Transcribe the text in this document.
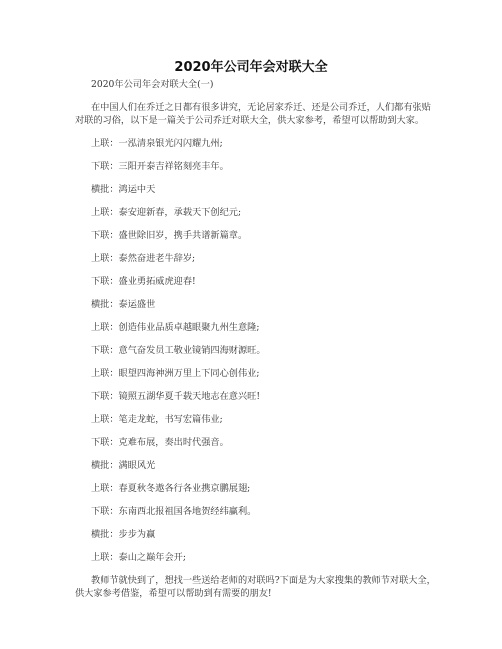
2020年公司年会对联大全

2020年公司年会对联大全(一)

在中国人们在乔迁之日都有很多讲究，无论居家乔迁、还是公司乔迁，人们都有张贴

对联的习俗，以下是一篇关于公司乔迁对联大全，供大家参考，希望可以帮助到大家。

上联：一泓清泉银光闪闪耀九州;

下联：三阳开泰吉祥铭刻亮丰年。

横批：鸿运中天

上联：泰安迎新春，承载天下创纪元;

下联：盛世除旧岁，携手共谱新篇章。

上联：泰然奋进老牛辞岁;

下联：盛业勇拓威虎迎春!

横批：泰运盛世

上联：创造伟业品质卓越眼聚九州生意隆;

下联：意气奋发员工敬业镜销四海财源旺。

上联：眼望四海神洲万里上下同心创伟业;

下联：镜照五湖华夏千载天地志在意兴旺!

上联：笔走龙蛇，书写宏篇伟业;

下联：克难布展，奏出时代强音。

横批：满眼风光

上联：春夏秋冬遨各行各业携京鹏展翅;

下联：东南西北报祖国各地贺经纬赢利。

横批：步步为赢

上联：泰山之巅年会开;

教师节就快到了，想找一些送给老师的对联吗?下面是为大家搜集的教师节对联大全，

供大家参考借鉴，希望可以帮助到有需要的朋友!
